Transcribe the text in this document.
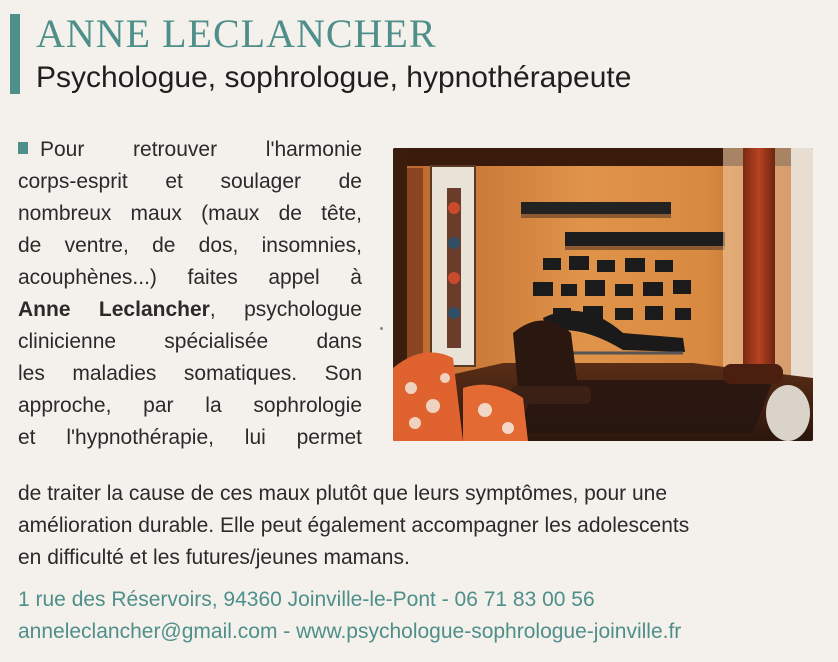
ANNE LECLANCHER
Psychologue, sophrologue, hypnothérapeute
Pour retrouver l'harmonie
corps-esprit et soulager de
nombreux maux (maux de tête,
de ventre, de dos, insomnies,
acouphènes...) faites appel à
Anne Leclancher, psychologue
clinicienne spécialisée dans
les maladies somatiques. Son
approche, par la sophrologie
et l'hypnothérapie, lui permet
de traiter la cause de ces maux plutôt que leurs symptômes, pour une
amélioration durable. Elle peut également accompagner les adolescents
en difficulté et les futures/jeunes mamans.
1 rue des Réservoirs, 94360 Joinville-le-Pont - 06 71 83 00 56
anneleclancher@gmail.com - www.psychologue-sophrologue-joinville.fr
